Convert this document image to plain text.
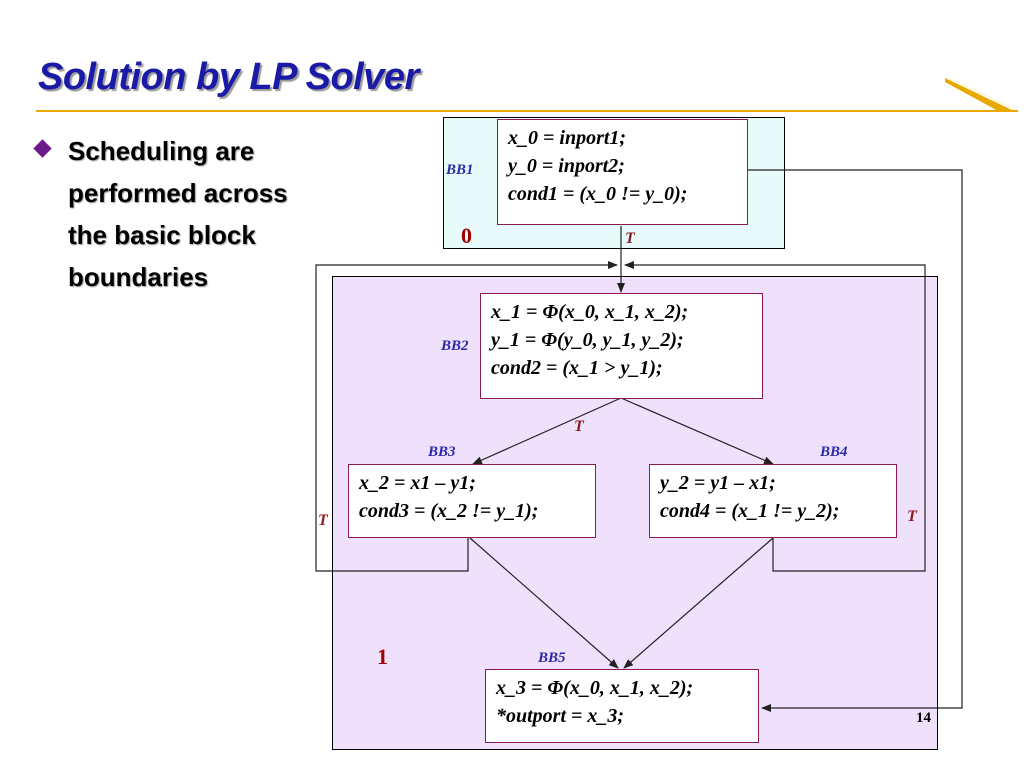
Solution by LP Solver
Scheduling are
performed across
the basic block
boundaries
BB1
x_0 = inport1;
y_0 = inport2;
cond1 = (x_0 != y_0);
0	T
BB2
x_1 = Φ(x_0, x_1, x_2);
y_1 = Φ(y_0, y_1, y_2);
cond2 = (x_1 > y_1);
T
BB3
x_2 = x1 – y1;
cond3 = (x_2 != y_1);
T
BB4
y_2 = y1 – x1;
cond4 = (x_1 != y_2);	T
1	BB5
x_3 = Φ(x_0, x_1, x_2);
*outport = x_3;	14
